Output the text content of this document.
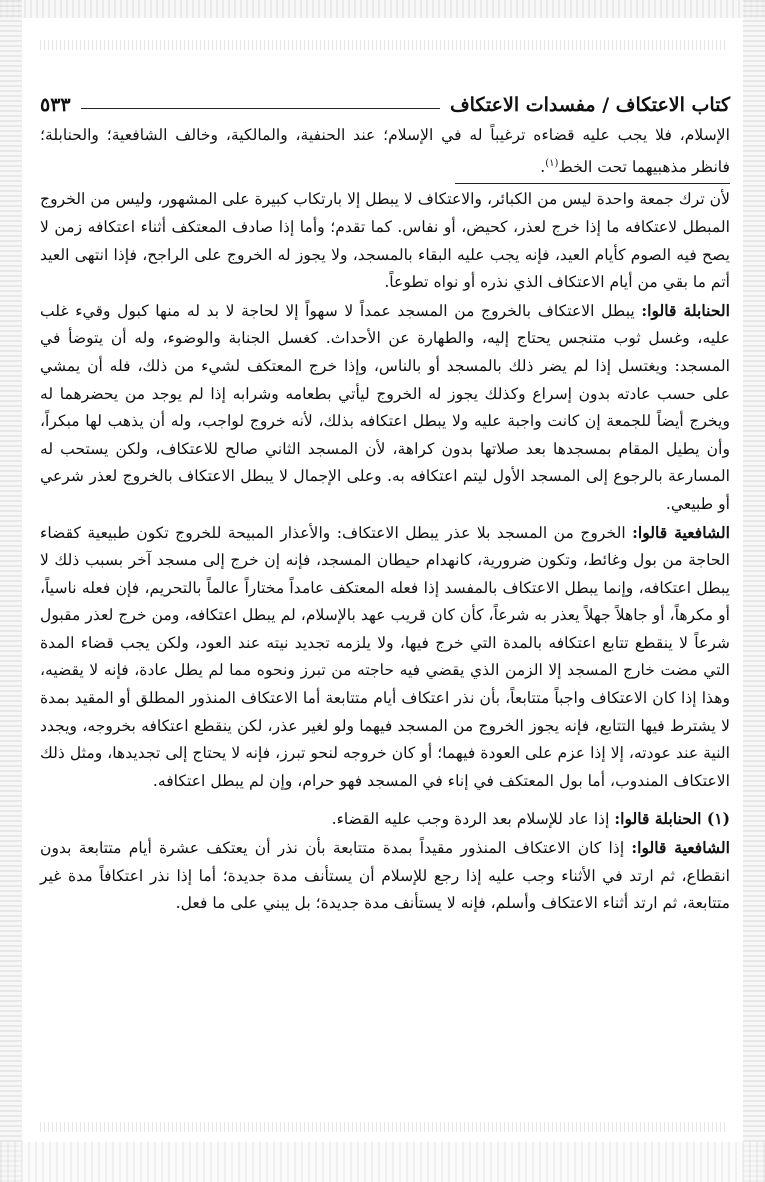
كتاب الاعتكاف / مفسدات الاعتكاف
٥٣٣

الإسلام، فلا يجب عليه قضاءه ترغيباً له في الإسلام؛ عند الحنفية، والمالكية، وخالف الشافعية؛ والحنابلة؛ فانظر مذهبيهما تحت الخط$^{(١)}$.

لأن ترك جمعة واحدة ليس من الكبائر، والاعتكاف لا يبطل إلا بارتكاب كبيرة على المشهور، وليس من الخروج المبطل لاعتكافه ما إذا خرج لعذر، كحيض، أو نفاس. كما تقدم؛ وأما إذا صادف المعتكف أثناء اعتكافه زمن لا يصح فيه الصوم كأيام العيد، فإنه يجب عليه البقاء بالمسجد، ولا يجوز له الخروج على الراجح، فإذا انتهى العيد أتم ما بقي من أيام الاعتكاف الذي نذره أو نواه تطوعاً.

الحنابلة قالوا: يبطل الاعتكاف بالخروج من المسجد عمداً لا سهواً إلا لحاجة لا بد له منها كبول وقيء غلب عليه، وغسل ثوب متنجس يحتاج إليه، والطهارة عن الأحداث. كغسل الجنابة والوضوء، وله أن يتوضأ في المسجد: ويغتسل إذا لم يضر ذلك بالمسجد أو بالناس، وإذا خرج المعتكف لشيء من ذلك، فله أن يمشي على حسب عادته بدون إسراع وكذلك يجوز له الخروج ليأتي بطعامه وشرابه إذا لم يوجد من يحضرهما له ويخرج أيضاً للجمعة إن كانت واجبة عليه ولا يبطل اعتكافه بذلك، لأنه خروج لواجب، وله أن يذهب لها مبكراً، وأن يطيل المقام بمسجدها بعد صلاتها بدون كراهة، لأن المسجد الثاني صالح للاعتكاف، ولكن يستحب له المسارعة بالرجوع إلى المسجد الأول ليتم اعتكافه به. وعلى الإجمال لا يبطل الاعتكاف بالخروج لعذر شرعي أو طبيعي.

الشافعية قالوا: الخروج من المسجد بلا عذر يبطل الاعتكاف: والأعذار المبيحة للخروج تكون طبيعية كقضاء الحاجة من بول وغائط، وتكون ضرورية، كانهدام حيطان المسجد، فإنه إن خرج إلى مسجد آخر بسبب ذلك لا يبطل اعتكافه، وإنما يبطل الاعتكاف بالمفسد إذا فعله المعتكف عامداً مختاراً عالماً بالتحريم، فإن فعله ناسياً، أو مكرهاً، أو جاهلاً جهلاً يعذر به شرعاً، كأن كان قريب عهد بالإسلام، لم يبطل اعتكافه، ومن خرج لعذر مقبول شرعاً لا ينقطع تتابع اعتكافه بالمدة التي خرج فيها، ولا يلزمه تجديد نيته عند العود، ولكن يجب قضاء المدة التي مضت خارج المسجد إلا الزمن الذي يقضي فيه حاجته من تبرز ونحوه مما لم يطل عادة، فإنه لا يقضيه، وهذا إذا كان الاعتكاف واجباً متتابعاً، بأن نذر اعتكاف أيام متتابعة أما الاعتكاف المنذور المطلق أو المقيد بمدة لا يشترط فيها التتابع، فإنه يجوز الخروج من المسجد فيهما ولو لغير عذر، لكن ينقطع اعتكافه بخروجه، ويجدد النية عند عودته، إلا إذا عزم على العودة فيهما؛ أو كان خروجه لنحو تبرز، فإنه لا يحتاج إلى تجديدها، ومثل ذلك الاعتكاف المندوب، أما بول المعتكف في إناء في المسجد فهو حرام، وإن لم يبطل اعتكافه.

(١) الحنابلة قالوا: إذا عاد للإسلام بعد الردة وجب عليه القضاء.

الشافعية قالوا: إذا كان الاعتكاف المنذور مقيداً بمدة متتابعة بأن نذر أن يعتكف عشرة أيام متتابعة بدون انقطاع، ثم ارتد في الأثناء وجب عليه إذا رجع للإسلام أن يستأنف مدة جديدة؛ أما إذا نذر اعتكافاً مدة غير متتابعة، ثم ارتد أثناء الاعتكاف وأسلم، فإنه لا يستأنف مدة جديدة؛ بل يبني على ما فعل.
